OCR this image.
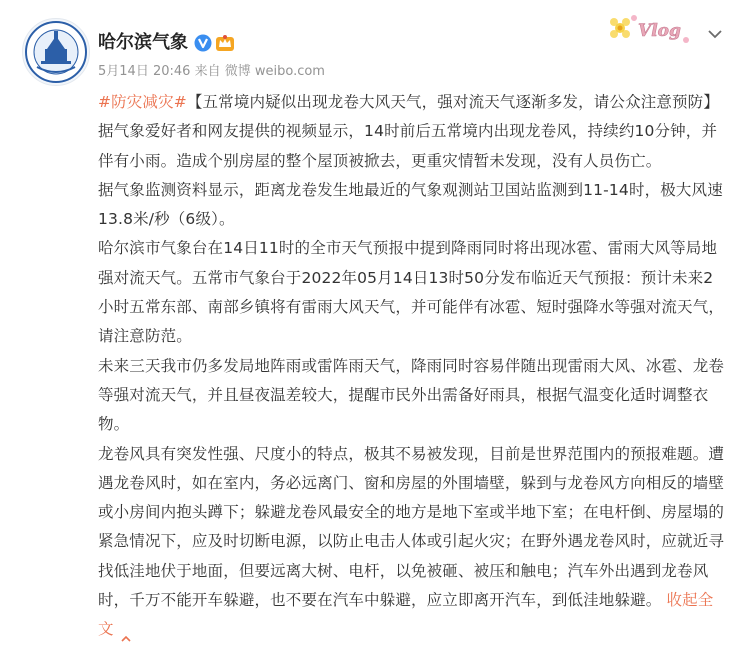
哈尔滨气象
5月14日 20:46 来自 微博 weibo.com
Vlog

#防灾减灾#【五常境内疑似出现龙卷大风天气，强对流天气逐渐多发，请公众注意预防】据气象爱好者和网友提供的视频显示，14时前后五常境内出现龙卷风，持续约10分钟，并伴有小雨。造成个别房屋的整个屋顶被掀去，更重灾情暂未发现，没有人员伤亡。

据气象监测资料显示，距离龙卷发生地最近的气象观测站卫国站监测到11-14时，极大风速13.8米/秒（6级）。

哈尔滨市气象台在14日11时的全市天气预报中提到降雨同时将出现冰雹、雷雨大风等局地强对流天气。五常市气象台于2022年05月14日13时50分发布临近天气预报：预计未来2小时五常东部、南部乡镇将有雷雨大风天气，并可能伴有冰雹、短时强降水等强对流天气，请注意防范。

未来三天我市仍多发局地阵雨或雷阵雨天气，降雨同时容易伴随出现雷雨大风、冰雹、龙卷等强对流天气，并且昼夜温差较大，提醒市民外出需备好雨具，根据气温变化适时调整衣物。

龙卷风具有突发性强、尺度小的特点，极其不易被发现，目前是世界范围内的预报难题。遭遇龙卷风时，如在室内，务必远离门、窗和房屋的外围墙壁，躲到与龙卷风方向相反的墙壁或小房间内抱头蹲下；躲避龙卷风最安全的地方是地下室或半地下室；在电杆倒、房屋塌的紧急情况下，应及时切断电源，以防止电击人体或引起火灾；在野外遇龙卷风时，应就近寻找低洼地伏于地面，但要远离大树、电杆，以免被砸、被压和触电；汽车外出遇到龙卷风时，千万不能开车躲避，也不要在汽车中躲避，应立即离开汽车，到低洼地躲避。 收起全文
